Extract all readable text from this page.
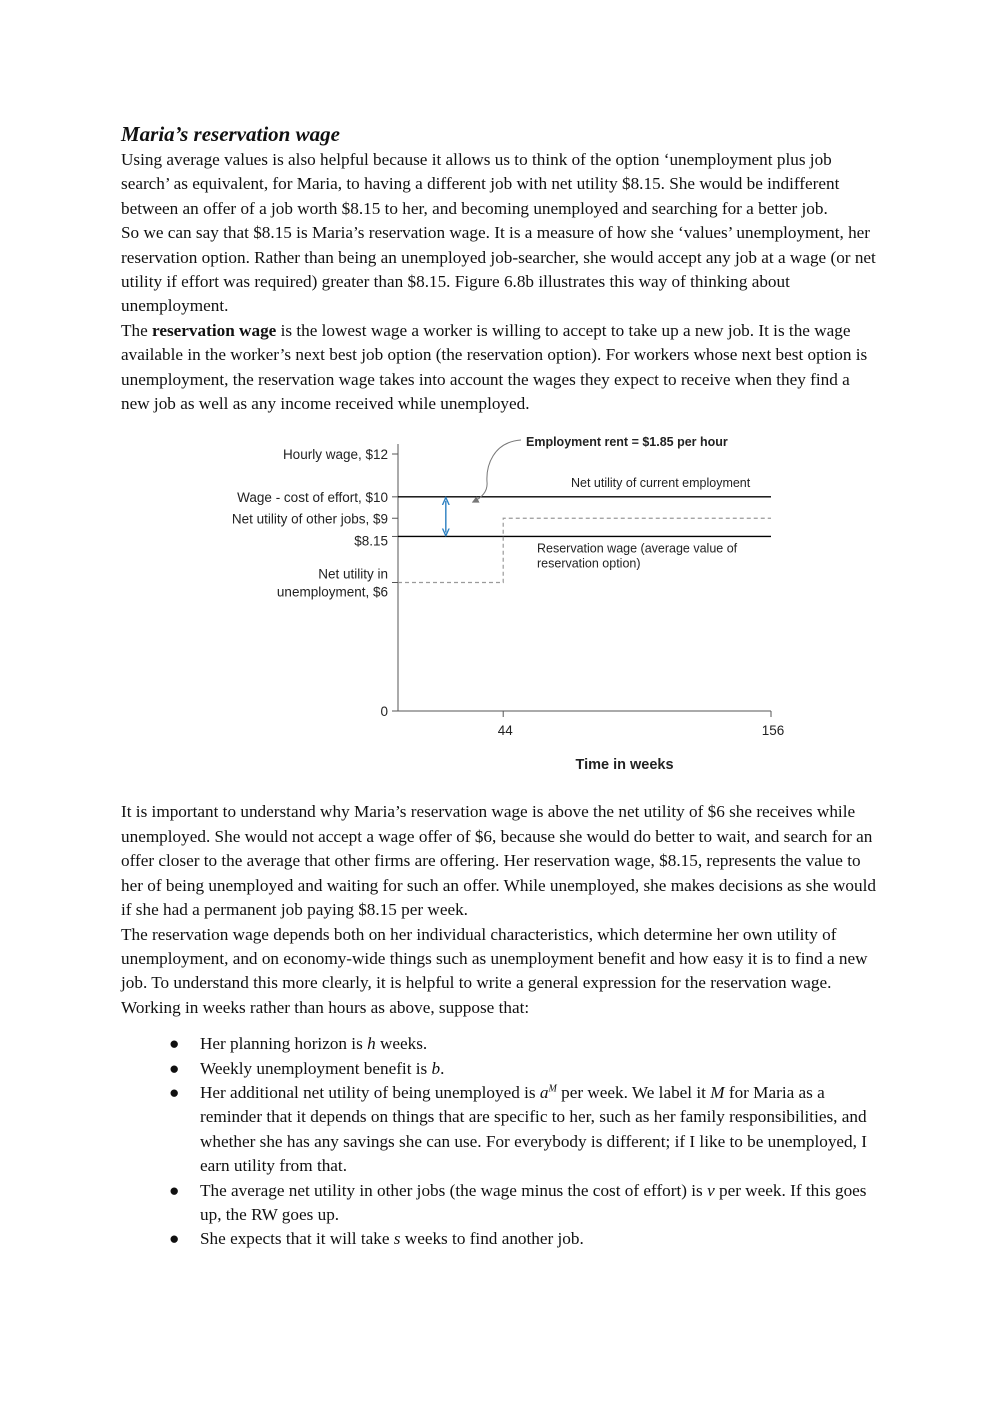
Maria’s reservation wage

Using average values is also helpful because it allows us to think of the option ‘unemployment plus job search’ as equivalent, for Maria, to having a different job with net utility $8.15. She would be indifferent between an offer of a job worth $8.15 to her, and becoming unemployed and searching for a better job.

So we can say that $8.15 is Maria’s reservation wage. It is a measure of how she ‘values’ unemployment, her reservation option. Rather than being an unemployed job-searcher, she would accept any job at a wage (or net utility if effort was required) greater than $8.15. Figure 6.8b illustrates this way of thinking about unemployment.

The reservation wage is the lowest wage a worker is willing to accept to take up a new job. It is the wage available in the worker’s next best job option (the reservation option). For workers whose next best option is unemployment, the reservation wage takes into account the wages they expect to receive when they find a new job as well as any income received while unemployed.

0
Net utility in unemployment, $6
$8.15
Net utility of other jobs, $9
Wage - cost of effort, $10
Hourly wage, $12
44	156
Time in weeks
Net utility of current employment
Reservation wage (average value of reservation option)
Employment rent = $1.85 per hour

It is important to understand why Maria’s reservation wage is above the net utility of $6 she receives while unemployed. She would not accept a wage offer of $6, because she would do better to wait, and search for an offer closer to the average that other firms are offering. Her reservation wage, $8.15, represents the value to her of being unemployed and waiting for such an offer. While unemployed, she makes decisions as she would if she had a permanent job paying $8.15 per week.

The reservation wage depends both on her individual characteristics, which determine her own utility of unemployment, and on economy-wide things such as unemployment benefit and how easy it is to find a new job. To understand this more clearly, it is helpful to write a general expression for the reservation wage. Working in weeks rather than hours as above, suppose that:

● Her planning horizon is h weeks.
● Weekly unemployment benefit is b.
● Her additional net utility of being unemployed is $a^M$ per week. We label it M for Maria as a reminder that it depends on things that are specific to her, such as her family responsibilities, and whether she has any savings she can use. For everybody is different; if I like to be unemployed, I earn utility from that.
● The average net utility in other jobs (the wage minus the cost of effort) is v per week. If this goes up, the RW goes up.
● She expects that it will take s weeks to find another job.
